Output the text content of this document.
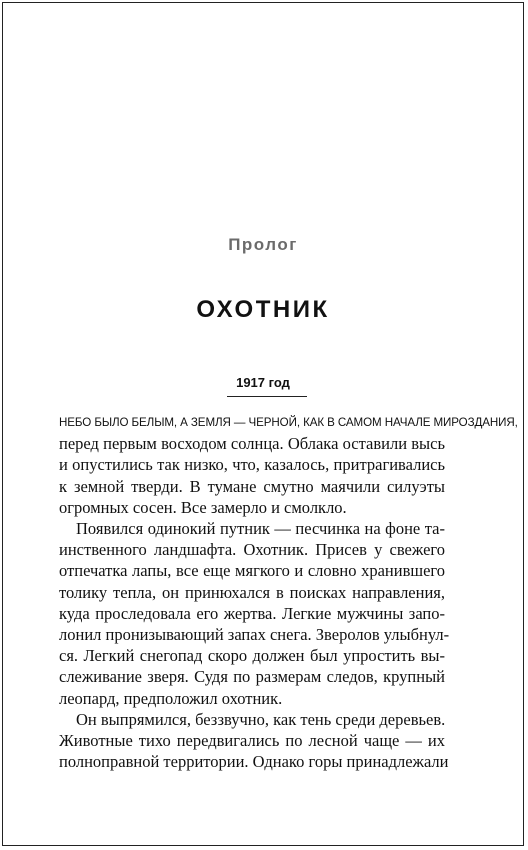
Пролог
ОХОТНИК
1917 год
НЕБО БЫЛО БЕЛЫМ, А ЗЕМЛЯ — ЧЕРНОЙ, КАК В САМОМ НАЧАЛЕ МИРОЗДАНИЯ,
перед первым восходом солнца. Облака оставили высь
и опустились так низко, что, казалось, притрагивались
к земной тверди. В тумане смутно маячили силуэты
огромных сосен. Все замерло и смолкло.
Появился одинокий путник — песчинка на фоне та-
инственного ландшафта. Охотник. Присев у свежего
отпечатка лапы, все еще мягкого и словно хранившего
толику тепла, он принюхался в поисках направления,
куда проследовала его жертва. Легкие мужчины запо-
лонил пронизывающий запах снега. Зверолов улыбнул-
ся. Легкий снегопад скоро должен был упростить вы-
слеживание зверя. Судя по размерам следов, крупный
леопард, предположил охотник.
Он выпрямился, беззвучно, как тень среди деревьев.
Животные тихо передвигались по лесной чаще — их
полноправной территории. Однако горы принадлежали
